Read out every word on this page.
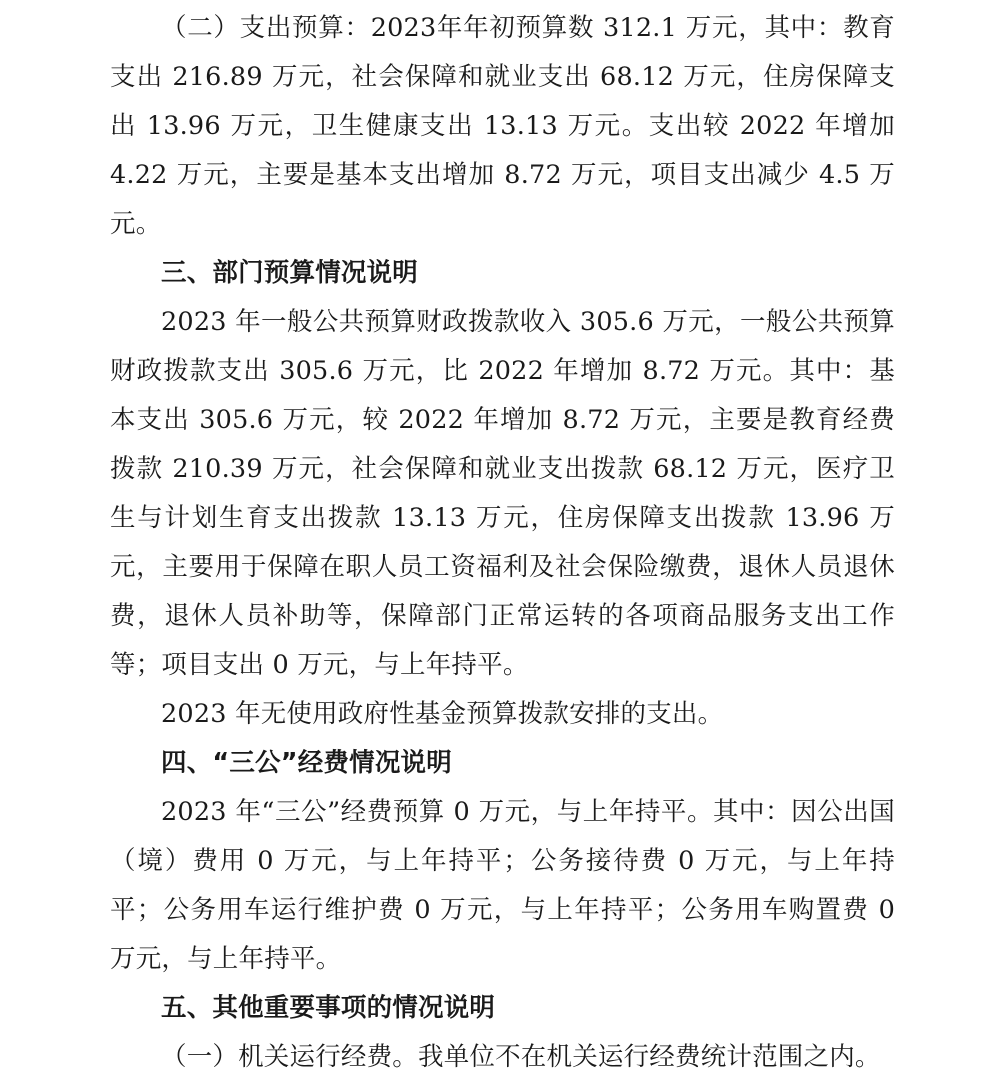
（二）支出预算：2023年年初预算数 312.1 万元，其中：教育支出 216.89 万元，社会保障和就业支出 68.12 万元，住房保障支出 13.96 万元，卫生健康支出 13.13 万元。支出较 2022 年增加 4.22 万元，主要是基本支出增加 8.72 万元，项目支出减少 4.5 万元。

三、部门预算情况说明

2023 年一般公共预算财政拨款收入 305.6 万元，一般公共预算财政拨款支出 305.6 万元，比 2022 年增加 8.72 万元。其中：基本支出 305.6 万元，较 2022 年增加 8.72 万元，主要是教育经费拨款 210.39 万元，社会保障和就业支出拨款 68.12 万元，医疗卫生与计划生育支出拨款 13.13 万元，住房保障支出拨款 13.96 万元，主要用于保障在职人员工资福利及社会保险缴费，退休人员退休费，退休人员补助等，保障部门正常运转的各项商品服务支出工作等；项目支出 0 万元，与上年持平。

2023 年无使用政府性基金预算拨款安排的支出。

四、“三公”经费情况说明

2023 年“三公”经费预算 0 万元，与上年持平。其中：因公出国（境）费用 0 万元，与上年持平；公务接待费 0 万元，与上年持平；公务用车运行维护费 0 万元，与上年持平；公务用车购置费 0 万元，与上年持平。

五、其他重要事项的情况说明

（一）机关运行经费。我单位不在机关运行经费统计范围之内。
